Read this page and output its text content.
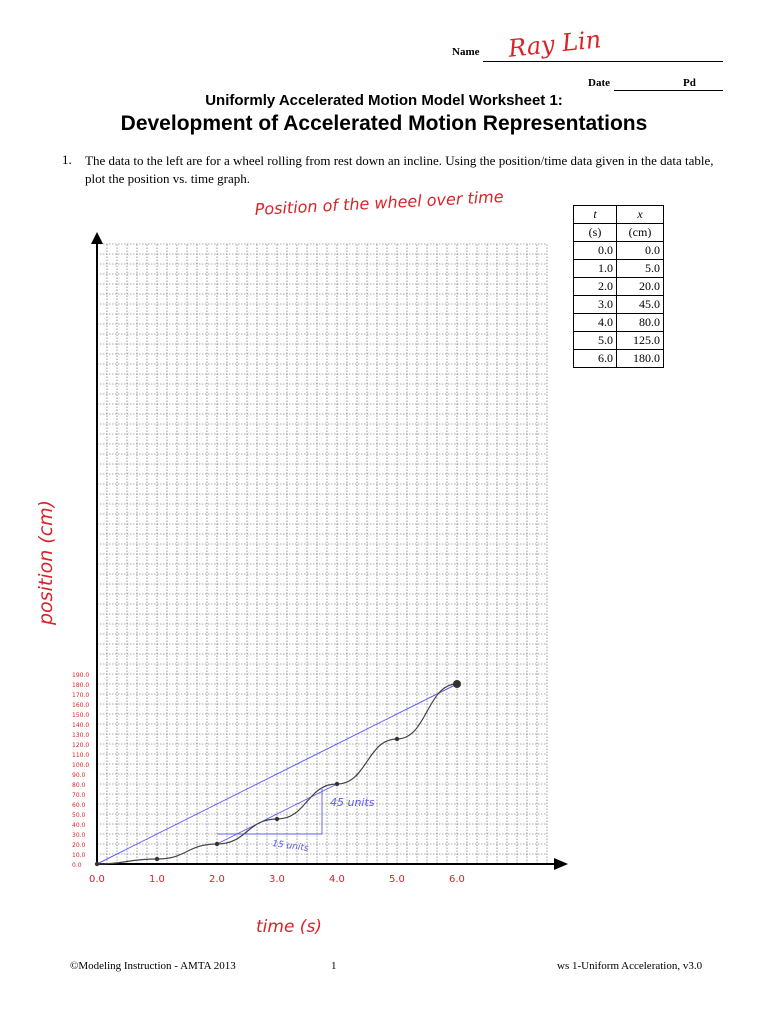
Name Ray Lin
Date	Pd
Uniformly Accelerated Motion Model Worksheet 1:
Development of Accelerated Motion Representations
1. The data to the left are for a wheel rolling from rest down an incline. Using the position/time data given in the data table, plot the position vs. time graph.
t	x
(s)	(cm)
0.0	0.0
1.0	5.0
2.0	20.0
3.0	45.0
4.0	80.0
5.0	125.0
6.0	180.0
0.0	1.0	2.0	3.0	4.0	5.0	6.0
0.0
10.0
20.0
30.0
40.0
50.0
60.0
70.0
80.0
90.0
100.0
110.0
120.0
130.0
140.0
150.0
160.0
170.0
180.0
190.0
Position of the wheel over time
position (cm)
time (s)
45 units
15 units
©Modeling Instruction - AMTA 2013	1	ws 1-Uniform Acceleration, v3.0
